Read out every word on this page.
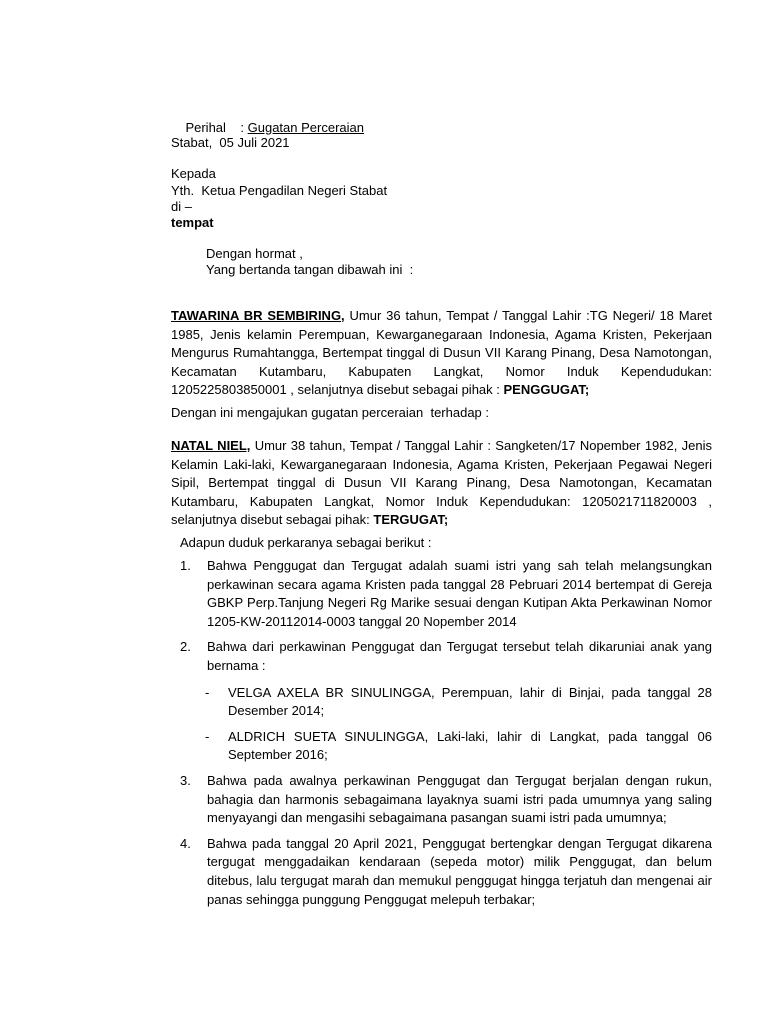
Perihal : Gugatan Perceraian

Stabat,  05 Juli 2021
Kepada
Yth.  Ketua Pengadilan Negeri Stabat
di –
tempat
Dengan hormat ,
Yang bertanda tangan dibawah ini  :
TAWARINA BR SEMBIRING, Umur 36 tahun, Tempat / Tanggal Lahir :TG Negeri/ 18 Maret 1985, Jenis kelamin Perempuan, Kewarganegaraan Indonesia, Agama Kristen, Pekerjaan Mengurus Rumahtangga, Bertempat tinggal di Dusun VII Karang Pinang, Desa Namotongan, Kecamatan Kutambaru, Kabupaten Langkat, Nomor Induk Kependudukan: 1205225803850001 , selanjutnya disebut sebagai pihak : PENGGUGAT;
Dengan ini mengajukan gugatan perceraian  terhadap :
NATAL NIEL, Umur 38 tahun, Tempat / Tanggal Lahir : Sangketen/17 Nopember 1982, Jenis Kelamin Laki-laki, Kewarganegaraan Indonesia, Agama Kristen, Pekerjaan Pegawai Negeri Sipil, Bertempat tinggal di Dusun VII Karang Pinang, Desa Namotongan, Kecamatan Kutambaru, Kabupaten Langkat, Nomor Induk Kependudukan: 1205021711820003 , selanjutnya disebut sebagai pihak: TERGUGAT;
Adapun duduk perkaranya sebagai berikut :
1. Bahwa Penggugat dan Tergugat adalah suami istri yang sah telah melangsungkan perkawinan secara agama Kristen pada tanggal 28 Pebruari 2014 bertempat di Gereja GBKP Perp.Tanjung Negeri Rg Marike sesuai dengan Kutipan Akta Perkawinan Nomor 1205-KW-20112014-0003 tanggal 20 Nopember 2014
2. Bahwa dari perkawinan Penggugat dan Tergugat tersebut telah dikaruniai anak yang bernama :
- VELGA AXELA BR SINULINGGA, Perempuan, lahir di Binjai, pada tanggal 28 Desember 2014;
- ALDRICH SUETA SINULINGGA, Laki-laki, lahir di Langkat, pada tanggal 06 September 2016;
3. Bahwa pada awalnya perkawinan Penggugat dan Tergugat berjalan dengan rukun, bahagia dan harmonis sebagaimana layaknya suami istri pada umumnya yang saling menyayangi dan mengasihi sebagaimana pasangan suami istri pada umumnya;
4. Bahwa pada tanggal 20 April 2021, Penggugat bertengkar dengan Tergugat dikarena tergugat menggadaikan kendaraan (sepeda motor) milik Penggugat, dan belum ditebus, lalu tergugat marah dan memukul penggugat hingga terjatuh dan mengenai air panas sehingga punggung Penggugat melepuh terbakar;
